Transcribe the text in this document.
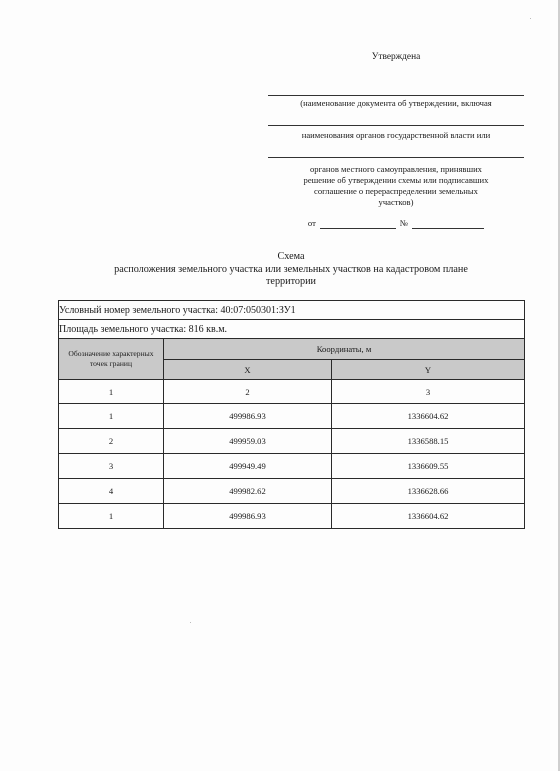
Утверждена
(наименование документа об утверждении, включая
наименования органов государственной власти или
органов местного самоуправления, принявших решение об утверждении схемы или подписавших соглашение о перераспределении земельных участков)
от	№
Схема
расположения земельного участка или земельных участков на кадастровом плане территории
Условный номер земельного участка: 40:07:050301:ЗУ1		
Площадь земельного участка: 816 кв.м.		
Обозначение характерных точек границ	Координаты, м	
	X	Y
1	2	3
1	499986.93	1336604.62
2	499959.03	1336588.15
3	499949.49	1336609.55
4	499982.62	1336628.66
1	499986.93	1336604.62
